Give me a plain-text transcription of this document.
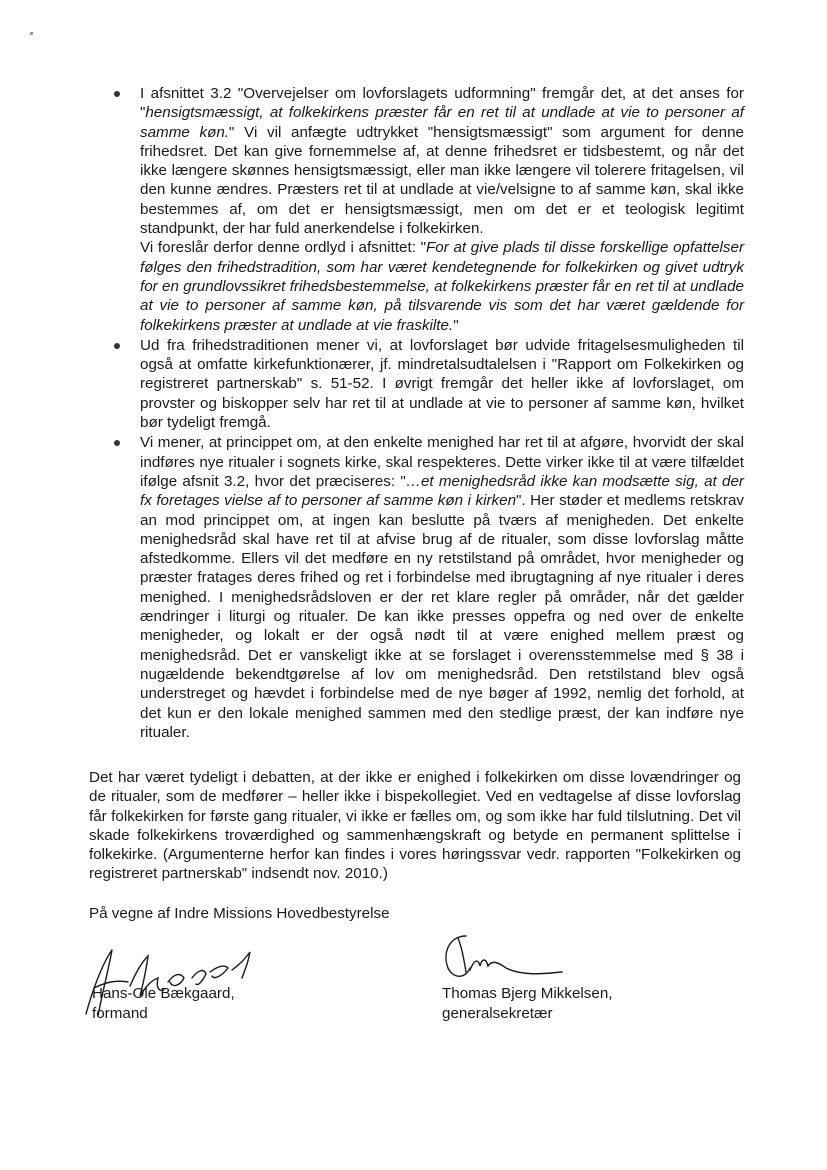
I afsnittet 3.2 "Overvejelser om lovforslagets udformning" fremgår det, at det anses for "hensigtsmæssigt, at folkekirkens præster får en ret til at undlade at vie to personer af samme køn." Vi vil anfægte udtrykket "hensigtsmæssigt" som argument for denne frihedsret. Det kan give fornemmelse af, at denne frihedsret er tidsbestemt, og når det ikke længere skønnes hensigtsmæssigt, eller man ikke længere vil tolerere fritagelsen, vil den kunne ændres. Præsters ret til at undlade at vie/velsigne to af samme køn, skal ikke bestemmes af, om det er hensigtsmæssigt, men om det er et teologisk legitimt standpunkt, der har fuld anerkendelse i folkekirken.

Vi foreslår derfor denne ordlyd i afsnittet: "For at give plads til disse forskellige opfattelser følges den frihedstradition, som har været kendetegnende for folkekirken og givet udtryk for en grundlovssikret frihedsbestemmelse, at folkekirkens præster får en ret til at undlade at vie to personer af samme køn, på tilsvarende vis som det har været gældende for folkekirkens præster at undlade at vie fraskilte."

Ud fra frihedstraditionen mener vi, at lovforslaget bør udvide fritagelsesmuligheden til også at omfatte kirkefunktionærer, jf. mindretalsudtalelsen i "Rapport om Folkekirken og registreret partnerskab" s. 51-52. I øvrigt fremgår det heller ikke af lovforslaget, om provster og biskopper selv har ret til at undlade at vie to personer af samme køn, hvilket bør tydeligt fremgå.

Vi mener, at princippet om, at den enkelte menighed har ret til at afgøre, hvorvidt der skal indføres nye ritualer i sognets kirke, skal respekteres. Dette virker ikke til at være tilfældet ifølge afsnit 3.2, hvor det præciseres: "…et menighedsråd ikke kan modsætte sig, at der fx foretages vielse af to personer af samme køn i kirken". Her støder et medlems retskrav an mod princippet om, at ingen kan beslutte på tværs af menigheden. Det enkelte menighedsråd skal have ret til at afvise brug af de ritualer, som disse lovforslag måtte afstedkomme. Ellers vil det medføre en ny retstilstand på området, hvor menigheder og præster fratages deres frihed og ret i forbindelse med ibrugtagning af nye ritualer i deres menighed. I menighedsrådsloven er der ret klare regler på områder, når det gælder ændringer i liturgi og ritualer. De kan ikke presses oppefra og ned over de enkelte menigheder, og lokalt er der også nødt til at være enighed mellem præst og menighedsråd. Det er vanskeligt ikke at se forslaget i overensstemmelse med § 38 i nugældende bekendtgørelse af lov om menighedsråd. Den retstilstand blev også understreget og hævdet i forbindelse med de nye bøger af 1992, nemlig det forhold, at det kun er den lokale menighed sammen med den stedlige præst, der kan indføre nye ritualer.

Det har været tydeligt i debatten, at der ikke er enighed i folkekirken om disse lovændringer og de ritualer, som de medfører – heller ikke i bispekollegiet. Ved en vedtagelse af disse lovforslag får folkekirken for første gang ritualer, vi ikke er fælles om, og som ikke har fuld tilslutning. Det vil skade folkekirkens troværdighed og sammenhængskraft og betyde en permanent splittelse i folkekirke. (Argumenterne herfor kan findes i vores høringssvar vedr. rapporten "Folkekirken og registreret partnerskab" indsendt nov. 2010.)

På vegne af Indre Missions Hovedbestyrelse

Hans-Ole Bækgaard,
formand
Thomas Bjerg Mikkelsen,
generalsekretær
